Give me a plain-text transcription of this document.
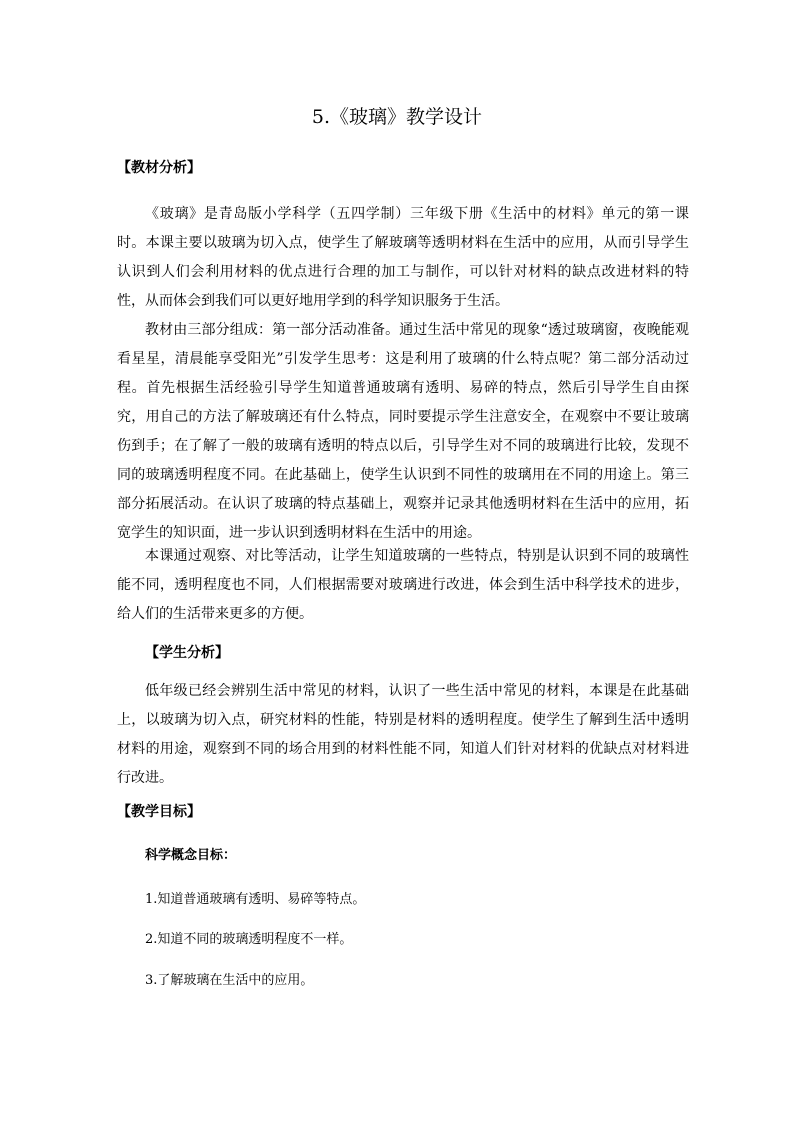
5.《玻璃》教学设计
【教材分析】
《玻璃》是青岛版小学科学（五四学制）三年级下册《生活中的材料》单元的第一课时。本课主要以玻璃为切入点，使学生了解玻璃等透明材料在生活中的应用，从而引导学生认识到人们会利用材料的优点进行合理的加工与制作，可以针对材料的缺点改进材料的特性，从而体会到我们可以更好地用学到的科学知识服务于生活。
教材由三部分组成：第一部分活动准备。通过生活中常见的现象“透过玻璃窗，夜晚能观看星星，清晨能享受阳光”引发学生思考：这是利用了玻璃的什么特点呢？第二部分活动过程。首先根据生活经验引导学生知道普通玻璃有透明、易碎的特点，然后引导学生自由探究，用自己的方法了解玻璃还有什么特点，同时要提示学生注意安全，在观察中不要让玻璃伤到手；在了解了一般的玻璃有透明的特点以后，引导学生对不同的玻璃进行比较，发现不同的玻璃透明程度不同。在此基础上，使学生认识到不同性的玻璃用在不同的用途上。第三部分拓展活动。在认识了玻璃的特点基础上，观察并记录其他透明材料在生活中的应用，拓宽学生的知识面，进一步认识到透明材料在生活中的用途。
本课通过观察、对比等活动，让学生知道玻璃的一些特点，特别是认识到不同的玻璃性能不同，透明程度也不同，人们根据需要对玻璃进行改进，体会到生活中科学技术的进步，给人们的生活带来更多的方便。
【学生分析】
低年级已经会辨别生活中常见的材料，认识了一些生活中常见的材料，本课是在此基础上，以玻璃为切入点，研究材料的性能，特别是材料的透明程度。使学生了解到生活中透明材料的用途，观察到不同的场合用到的材料性能不同，知道人们针对材料的优缺点对材料进行改进。
【教学目标】
科学概念目标：
1.知道普通玻璃有透明、易碎等特点。
2.知道不同的玻璃透明程度不一样。
3.了解玻璃在生活中的应用。
